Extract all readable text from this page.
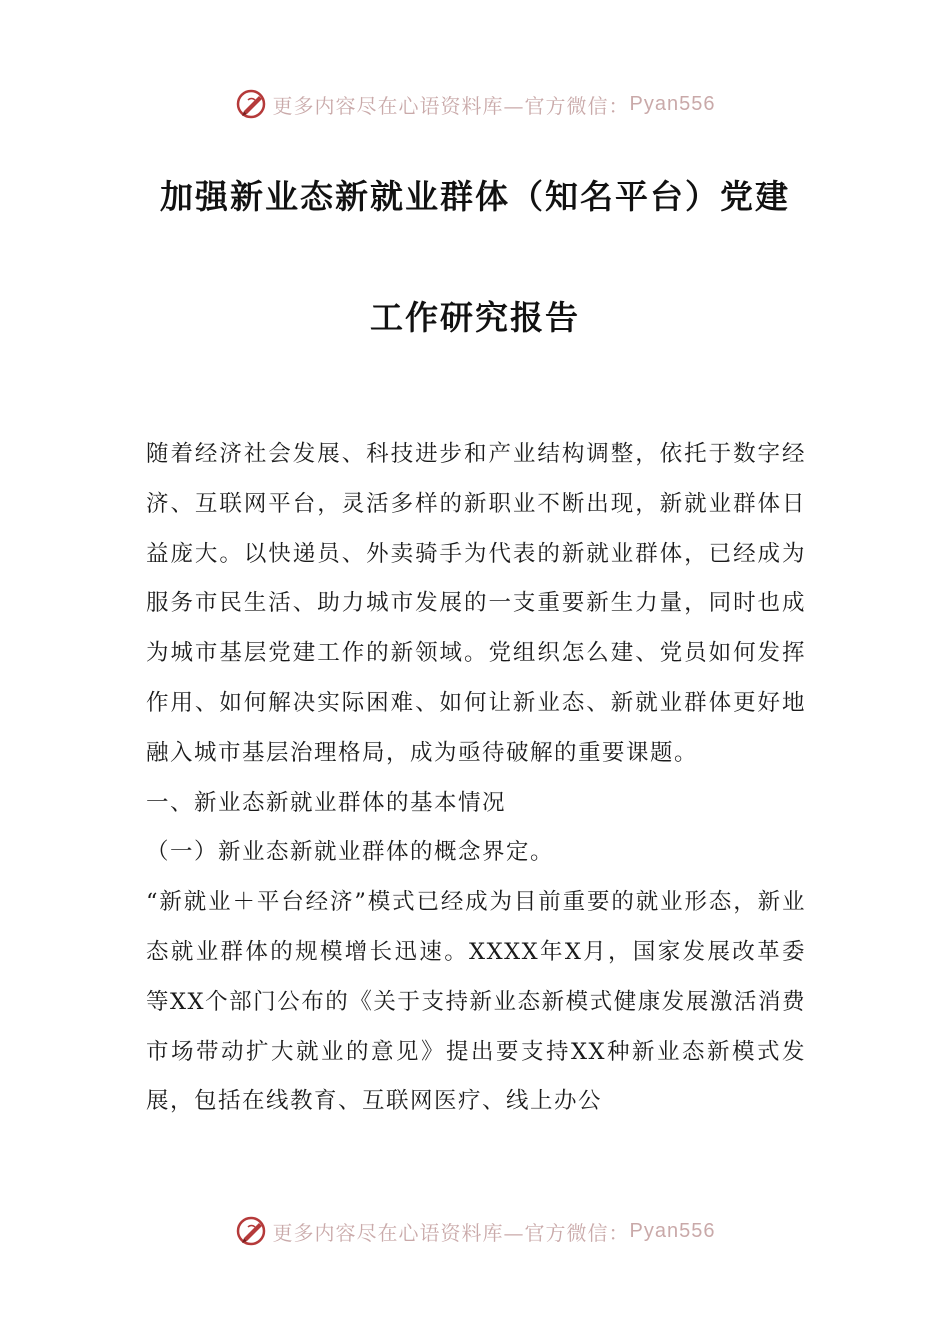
更多内容尽在心语资料库—官方微信： Pyan556
加强新业态新就业群体（知名平台）党建
工作研究报告

随着经济社会发展、科技进步和产业结构调整，依托于数字经济、互联网平台，灵活多样的新职业不断出现，新就业群体日益庞大。以快递员、外卖骑手为代表的新就业群体，已经成为服务市民生活、助力城市发展的一支重要新生力量，同时也成为城市基层党建工作的新领域。党组织怎么建、党员如何发挥作用、如何解决实际困难、如何让新业态、新就业群体更好地融入城市基层治理格局，成为亟待破解的重要课题。

一、新业态新就业群体的基本情况

（一）新业态新就业群体的概念界定。

“新就业＋平台经济”模式已经成为目前重要的就业形态，新业态就业群体的规模增长迅速。XXXX年X月，国家发展改革委等XX个部门公布的《关于支持新业态新模式健康发展激活消费市场带动扩大就业的意见》提出要支持XX种新业态新模式发展，包括在线教育、互联网医疗、线上办公

更多内容尽在心语资料库—官方微信： Pyan556
